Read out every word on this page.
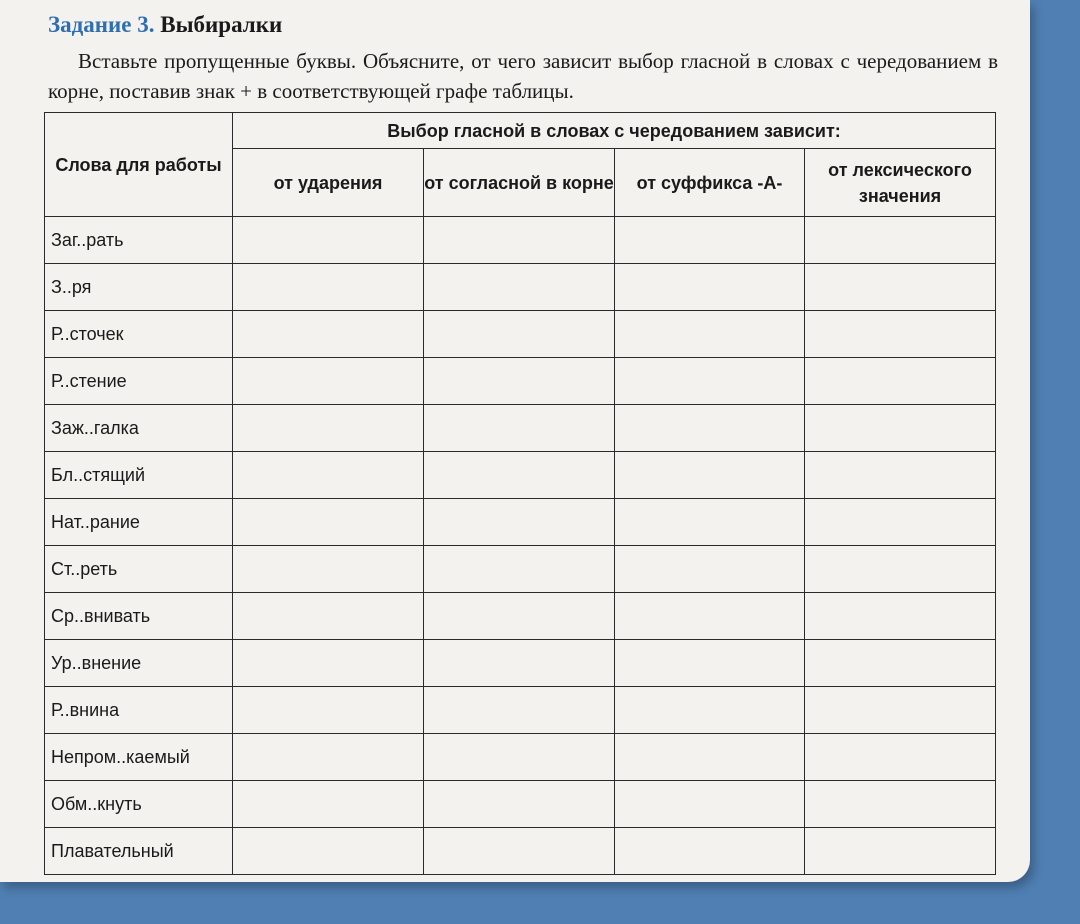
Задание 3. Выбиралки

Вставьте пропущенные буквы. Объясните, от чего зависит выбор гласной в словах с чередованием в корне, поставив знак + в соответствующей графе таблицы.

Слова для работы	Выбор гласной в словах с чередованием зависит:			
	от ударения	от согласной в корне	от суффикса -А-	от лексического значения
Заг..рать				
З..ря				
Р..сточек				
Р..стение				
Заж..галка				
Бл..стящий				
Нат..рание				
Ст..реть				
Ср..внивать				
Ур..внение				
Р..внина				
Непром..каемый				
Обм..кнуть				
Плавательный				
